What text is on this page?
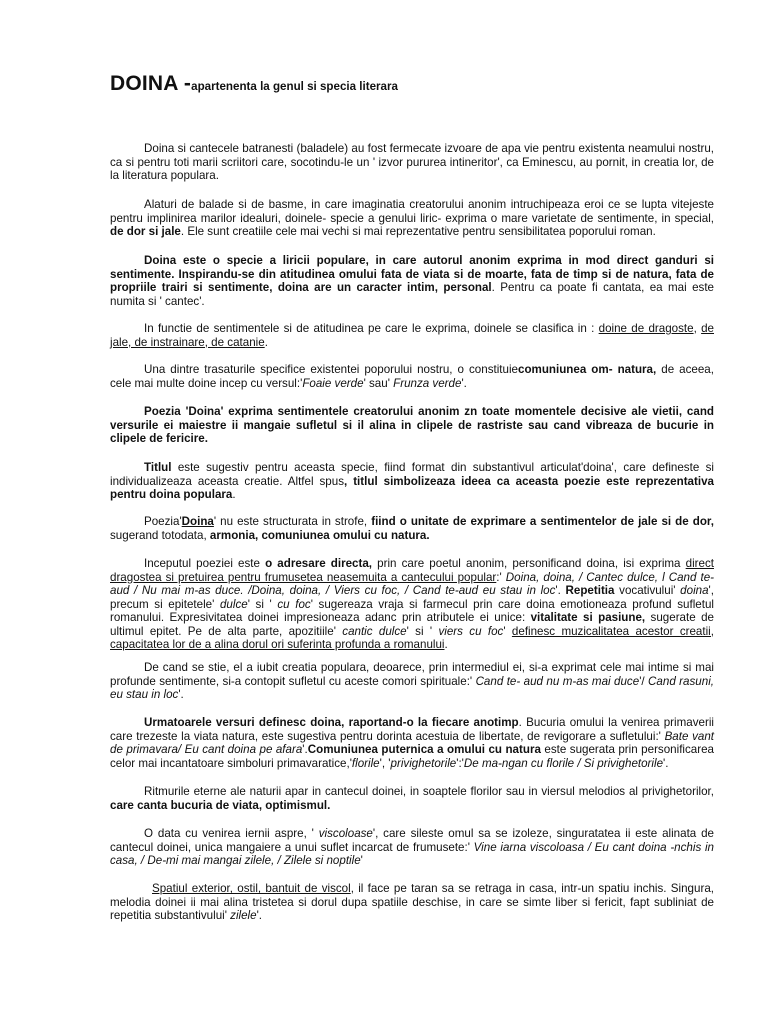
DOINA -apartenenta la genul si specia literara

Doina si cantecele batranesti (baladele) au fost fermecate izvoare de apa vie pentru existenta neamului nostru, ca si pentru toti marii scriitori care, socotindu-le un ' izvor pururea intineritor', ca Eminescu, au pornit, in creatia lor, de la literatura populara.

Alaturi de balade si de basme, in care imaginatia creatorului anonim intruchipeaza eroi ce se lupta vitejeste pentru implinirea marilor idealuri, doinele- specie a genului liric- exprima o mare varietate de sentimente, in special, de dor si jale. Ele sunt creatiile cele mai vechi si mai reprezentative pentru sensibilitatea poporului roman.

Doina este o specie a liricii populare, in care autorul anonim exprima in mod direct ganduri si sentimente. Inspirandu-se din atitudinea omului fata de viata si de moarte, fata de timp si de natura, fata de propriile trairi si sentimente, doina are un caracter intim, personal. Pentru ca poate fi cantata, ea mai este numita si ' cantec'.

In functie de sentimentele si de atitudinea pe care le exprima, doinele se clasifica in : doine de dragoste, de jale, de instrainare, de catanie.

Una dintre trasaturile specifice existentei poporului nostru, o constituiecomuniunea om- natura, de aceea, cele mai multe doine incep cu versul:'Foaie verde' sau' Frunza verde'.

Poezia 'Doina' exprima sentimentele creatorului anonim zn toate momentele decisive ale vietii, cand versurile ei maiestre ii mangaie sufletul si il alina in clipele de rastriste sau cand vibreaza de bucurie in clipele de fericire.

Titlul este sugestiv pentru aceasta specie, fiind format din substantivul articulat'doina', care defineste si individualizeaza aceasta creatie. Altfel spus, titlul simbolizeaza ideea ca aceasta poezie este reprezentativa pentru doina populara.

Poezia'Doina' nu este structurata in strofe, fiind o unitate de exprimare a sentimentelor de jale si de dor, sugerand totodata, armonia, comuniunea omului cu natura.

Inceputul poeziei este o adresare directa, prin care poetul anonim, personificand doina, isi exprima direct dragostea si pretuirea pentru frumusetea neasemuita a cantecului popular:' Doina, doina, / Cantec dulce, l Cand te-aud / Nu mai m-as duce. /Doina, doina, / Viers cu foc, / Cand te-aud eu stau in loc'. Repetitia vocativului' doina', precum si epitetele' dulce' si ' cu foc' sugereaza vraja si farmecul prin care doina emotioneaza profund sufletul romanului. Expresivitatea doinei impresioneaza adanc prin atributele ei unice: vitalitate si pasiune, sugerate de ultimul epitet. Pe de alta parte, apozitiile' cantic dulce' si ' viers cu foc' definesc muzicalitatea acestor creatii, capacitatea lor de a alina dorul ori suferinta profunda a romanului.

De cand se stie, el a iubit creatia populara, deoarece, prin intermediul ei, si-a exprimat cele mai intime si mai profunde sentimente, si-a contopit sufletul cu aceste comori spirituale:' Cand te- aud nu m-as mai duce'/ Cand rasuni, eu stau in loc'.

Urmatoarele versuri definesc doina, raportand-o la fiecare anotimp. Bucuria omului la venirea primaverii care trezeste la viata natura, este sugestiva pentru dorinta acestuia de libertate, de revigorare a sufletului:' Bate vant de primavara/ Eu cant doina pe afara'.Comuniunea puternica a omului cu natura este sugerata prin personificarea celor mai incantatoare simboluri primavaratice,'florile', 'privighetorile':'De ma-ngan cu florile / Si privighetorile'.

Ritmurile eterne ale naturii apar in cantecul doinei, in soaptele florilor sau in viersul melodios al privighetorilor, care canta bucuria de viata, optimismul.

O data cu venirea iernii aspre, ' viscoloase', care sileste omul sa se izoleze, singuratatea ii este alinata de cantecul doinei, unica mangaiere a unui suflet incarcat de frumusete:' Vine iarna viscoloasa / Eu cant doina -nchis in casa, / De-mi mai mangai zilele, / Zilele si noptile'

Spatiul exterior, ostil, bantuit de viscol, il face pe taran sa se retraga in casa, intr-un spatiu inchis. Singura, melodia doinei ii mai alina tristetea si dorul dupa spatiile deschise, in care se simte liber si fericit, fapt subliniat de repetitia substantivului' zilele'.
